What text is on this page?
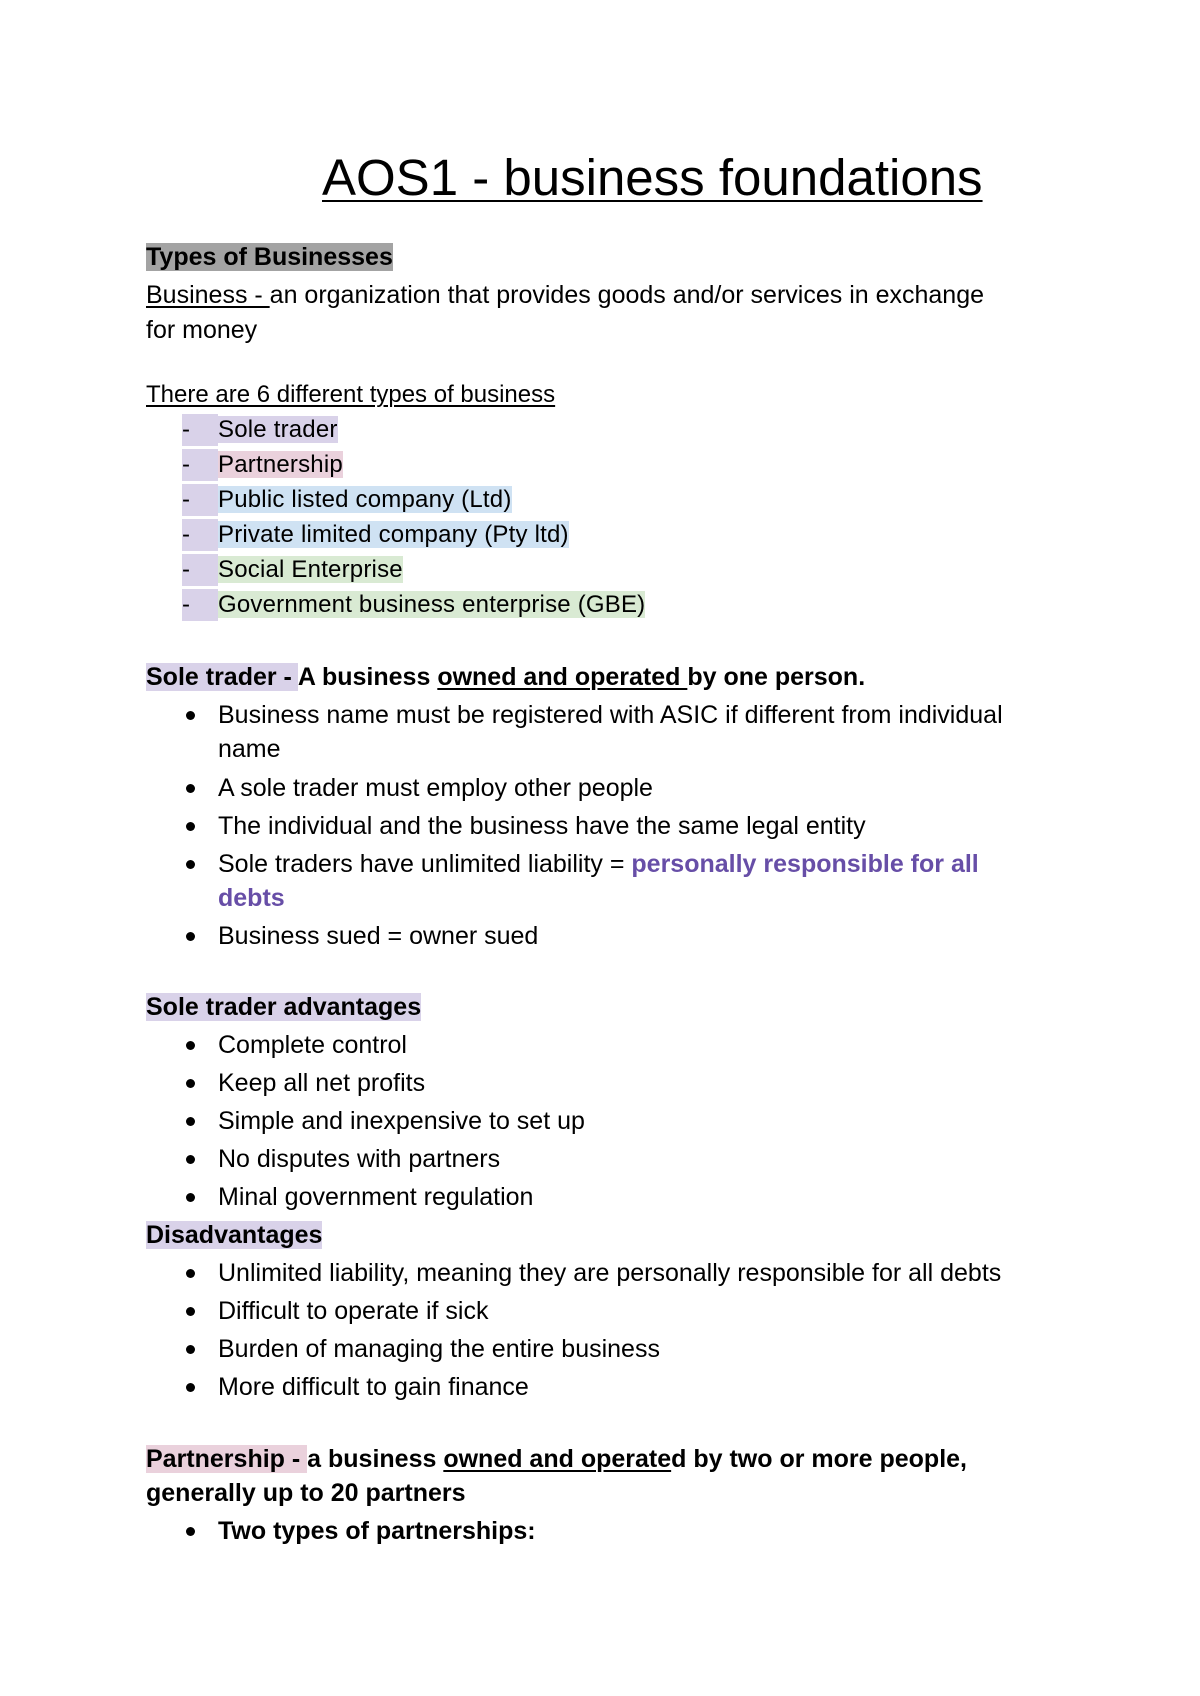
AOS1 - business foundations
Types of Businesses
Business - an organization that provides goods and/or services in exchange
for money
There are 6 different types of business
- Sole trader
- Partnership
- Public listed company (Ltd)
- Private limited company (Pty ltd)
- Social Enterprise
- Government business enterprise (GBE)
Sole trader - A business owned and operated by one person.
Business name must be registered with ASIC if different from individual
name
A sole trader must employ other people
The individual and the business have the same legal entity
Sole traders have unlimited liability = personally responsible for all
debts
Business sued = owner sued
Sole trader advantages
Complete control
Keep all net profits
Simple and inexpensive to set up
No disputes with partners
Minal government regulation
Disadvantages
Unlimited liability, meaning they are personally responsible for all debts
Difficult to operate if sick
Burden of managing the entire business
More difficult to gain finance
Partnership - a business owned and operated by two or more people,
generally up to 20 partners
Two types of partnerships:
